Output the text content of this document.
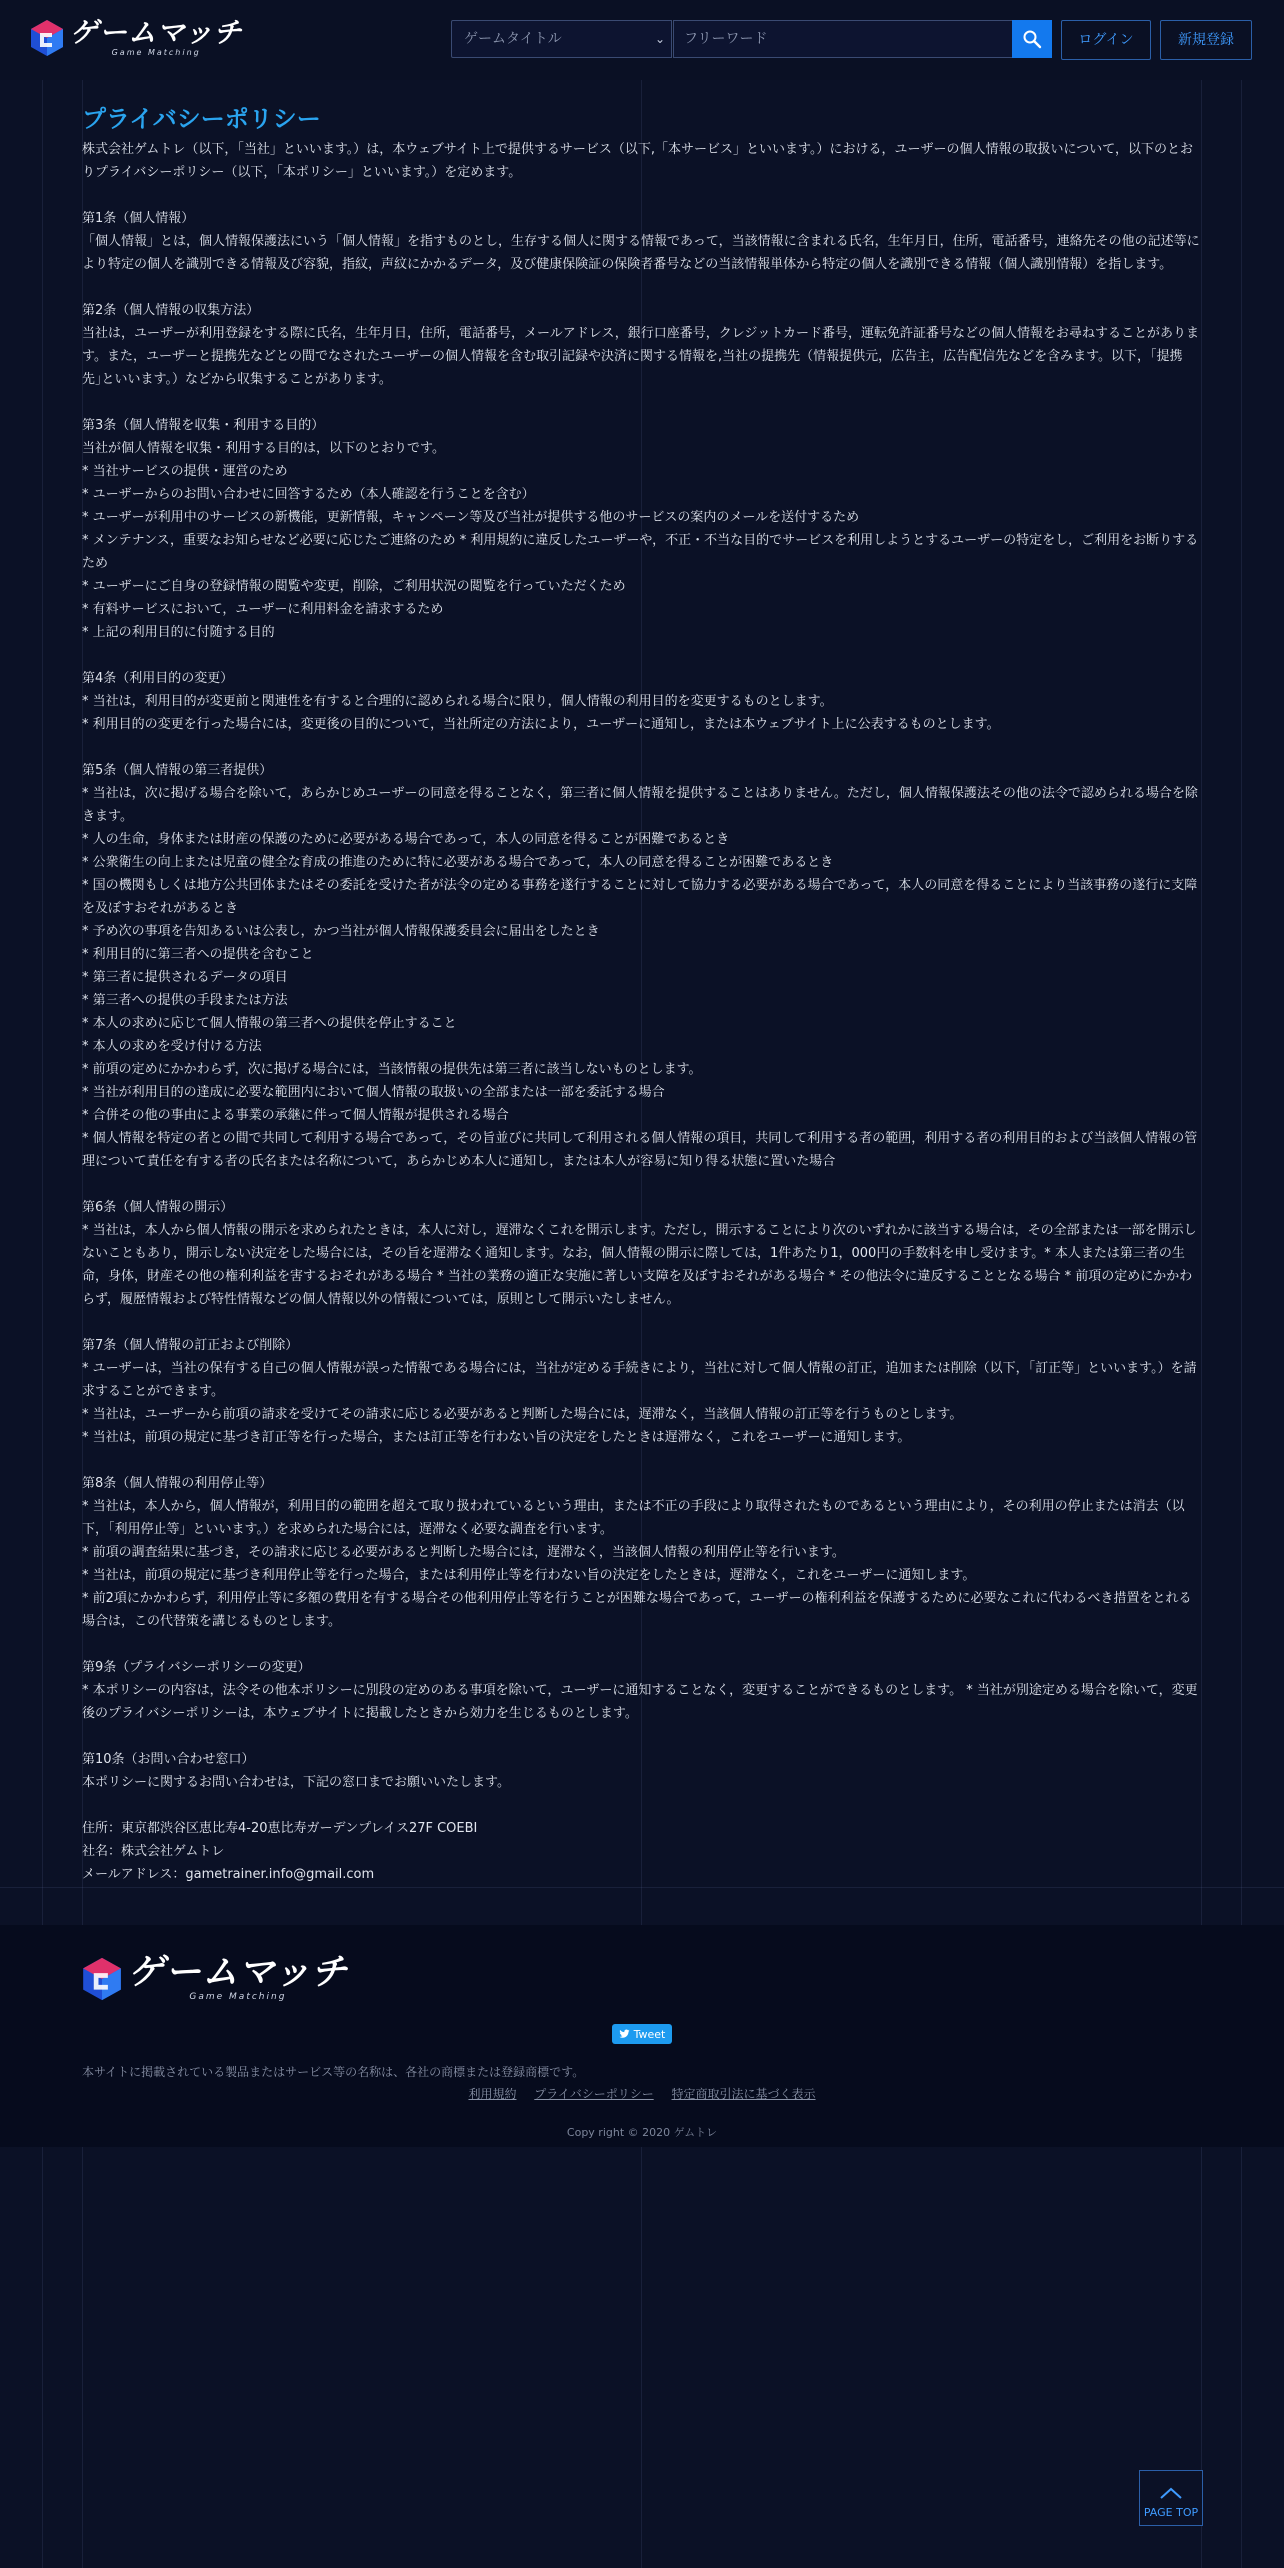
ゲームマッチ
Game Matching
ゲームタイトル	⌄	フリーワード	ログイン	新規登録
プライバシーポリシー

株式会社ゲムトレ（以下，「当社」といいます。）は，本ウェブサイト上で提供するサービス（以下,「本サービス」といいます。）における，ユーザーの個人情報の取扱いについて，以下のとおりプライバシーポリシー（以下，「本ポリシー」といいます。）を定めます。

第1条（個人情報）

「個人情報」とは，個人情報保護法にいう「個人情報」を指すものとし，生存する個人に関する情報であって，当該情報に含まれる氏名，生年月日，住所，電話番号，連絡先その他の記述等により特定の個人を識別できる情報及び容貌，指紋，声紋にかかるデータ，及び健康保険証の保険者番号などの当該情報単体から特定の個人を識別できる情報（個人識別情報）を指します。

第2条（個人情報の収集方法）

当社は，ユーザーが利用登録をする際に氏名，生年月日，住所，電話番号，メールアドレス，銀行口座番号，クレジットカード番号，運転免許証番号などの個人情報をお尋ねすることがあります。また，ユーザーと提携先などとの間でなされたユーザーの個人情報を含む取引記録や決済に関する情報を,当社の提携先（情報提供元，広告主，広告配信先などを含みます。以下，｢提携先｣といいます。）などから収集することがあります。

第3条（個人情報を収集・利用する目的）

当社が個人情報を収集・利用する目的は，以下のとおりです。

* 当社サービスの提供・運営のため

* ユーザーからのお問い合わせに回答するため（本人確認を行うことを含む）

* ユーザーが利用中のサービスの新機能，更新情報，キャンペーン等及び当社が提供する他のサービスの案内のメールを送付するため

* メンテナンス，重要なお知らせなど必要に応じたご連絡のため * 利用規約に違反したユーザーや，不正・不当な目的でサービスを利用しようとするユーザーの特定をし，ご利用をお断りするため

* ユーザーにご自身の登録情報の閲覧や変更，削除，ご利用状況の閲覧を行っていただくため

* 有料サービスにおいて，ユーザーに利用料金を請求するため

* 上記の利用目的に付随する目的

第4条（利用目的の変更）

* 当社は，利用目的が変更前と関連性を有すると合理的に認められる場合に限り，個人情報の利用目的を変更するものとします。

* 利用目的の変更を行った場合には，変更後の目的について，当社所定の方法により，ユーザーに通知し，または本ウェブサイト上に公表するものとします。

第5条（個人情報の第三者提供）

* 当社は，次に掲げる場合を除いて，あらかじめユーザーの同意を得ることなく，第三者に個人情報を提供することはありません。ただし，個人情報保護法その他の法令で認められる場合を除きます。

* 人の生命，身体または財産の保護のために必要がある場合であって，本人の同意を得ることが困難であるとき

* 公衆衛生の向上または児童の健全な育成の推進のために特に必要がある場合であって，本人の同意を得ることが困難であるとき

* 国の機関もしくは地方公共団体またはその委託を受けた者が法令の定める事務を遂行することに対して協力する必要がある場合であって，本人の同意を得ることにより当該事務の遂行に支障を及ぼすおそれがあるとき

* 予め次の事項を告知あるいは公表し，かつ当社が個人情報保護委員会に届出をしたとき

* 利用目的に第三者への提供を含むこと

* 第三者に提供されるデータの項目

* 第三者への提供の手段または方法

* 本人の求めに応じて個人情報の第三者への提供を停止すること

* 本人の求めを受け付ける方法

* 前項の定めにかかわらず，次に掲げる場合には，当該情報の提供先は第三者に該当しないものとします。

* 当社が利用目的の達成に必要な範囲内において個人情報の取扱いの全部または一部を委託する場合

* 合併その他の事由による事業の承継に伴って個人情報が提供される場合

* 個人情報を特定の者との間で共同して利用する場合であって，その旨並びに共同して利用される個人情報の項目，共同して利用する者の範囲，利用する者の利用目的および当該個人情報の管理について責任を有する者の氏名または名称について，あらかじめ本人に通知し，または本人が容易に知り得る状態に置いた場合

第6条（個人情報の開示）

* 当社は，本人から個人情報の開示を求められたときは，本人に対し，遅滞なくこれを開示します。ただし，開示することにより次のいずれかに該当する場合は，その全部または一部を開示しないこともあり，開示しない決定をした場合には，その旨を遅滞なく通知します。なお，個人情報の開示に際しては，1件あたり1，000円の手数料を申し受けます。* 本人または第三者の生命，身体，財産その他の権利利益を害するおそれがある場合 * 当社の業務の適正な実施に著しい支障を及ぼすおそれがある場合 * その他法令に違反することとなる場合 * 前項の定めにかかわらず，履歴情報および特性情報などの個人情報以外の情報については，原則として開示いたしません。

第7条（個人情報の訂正および削除）

* ユーザーは，当社の保有する自己の個人情報が誤った情報である場合には，当社が定める手続きにより，当社に対して個人情報の訂正，追加または削除（以下，「訂正等」といいます。）を請求することができます。

* 当社は，ユーザーから前項の請求を受けてその請求に応じる必要があると判断した場合には，遅滞なく，当該個人情報の訂正等を行うものとします。

* 当社は，前項の規定に基づき訂正等を行った場合，または訂正等を行わない旨の決定をしたときは遅滞なく，これをユーザーに通知します。

第8条（個人情報の利用停止等）

* 当社は，本人から，個人情報が，利用目的の範囲を超えて取り扱われているという理由，または不正の手段により取得されたものであるという理由により，その利用の停止または消去（以下，「利用停止等」といいます。）を求められた場合には，遅滞なく必要な調査を行います。

* 前項の調査結果に基づき，その請求に応じる必要があると判断した場合には，遅滞なく，当該個人情報の利用停止等を行います。

* 当社は，前項の規定に基づき利用停止等を行った場合，または利用停止等を行わない旨の決定をしたときは，遅滞なく，これをユーザーに通知します。

* 前2項にかかわらず，利用停止等に多額の費用を有する場合その他利用停止等を行うことが困難な場合であって，ユーザーの権利利益を保護するために必要なこれに代わるべき措置をとれる場合は，この代替策を講じるものとします。

第9条（プライバシーポリシーの変更）

* 本ポリシーの内容は，法令その他本ポリシーに別段の定めのある事項を除いて，ユーザーに通知することなく，変更することができるものとします。 * 当社が別途定める場合を除いて，変更後のプライバシーポリシーは，本ウェブサイトに掲載したときから効力を生じるものとします。

第10条（お問い合わせ窓口）

本ポリシーに関するお問い合わせは，下記の窓口までお願いいたします。

住所：東京都渋谷区恵比寿4-20恵比寿ガーデンプレイス27F COEBI

社名：株式会社ゲムトレ

メールアドレス：gametrainer.info@gmail.com

ゲームマッチ
Game Matching
Tweet
本サイトに掲載されている製品またはサービス等の名称は、各社の商標または登録商標です。
利用規約 プライバシーポリシー 特定商取引法に基づく表示
Copy right © 2020 ゲムトレ
PAGE TOP
